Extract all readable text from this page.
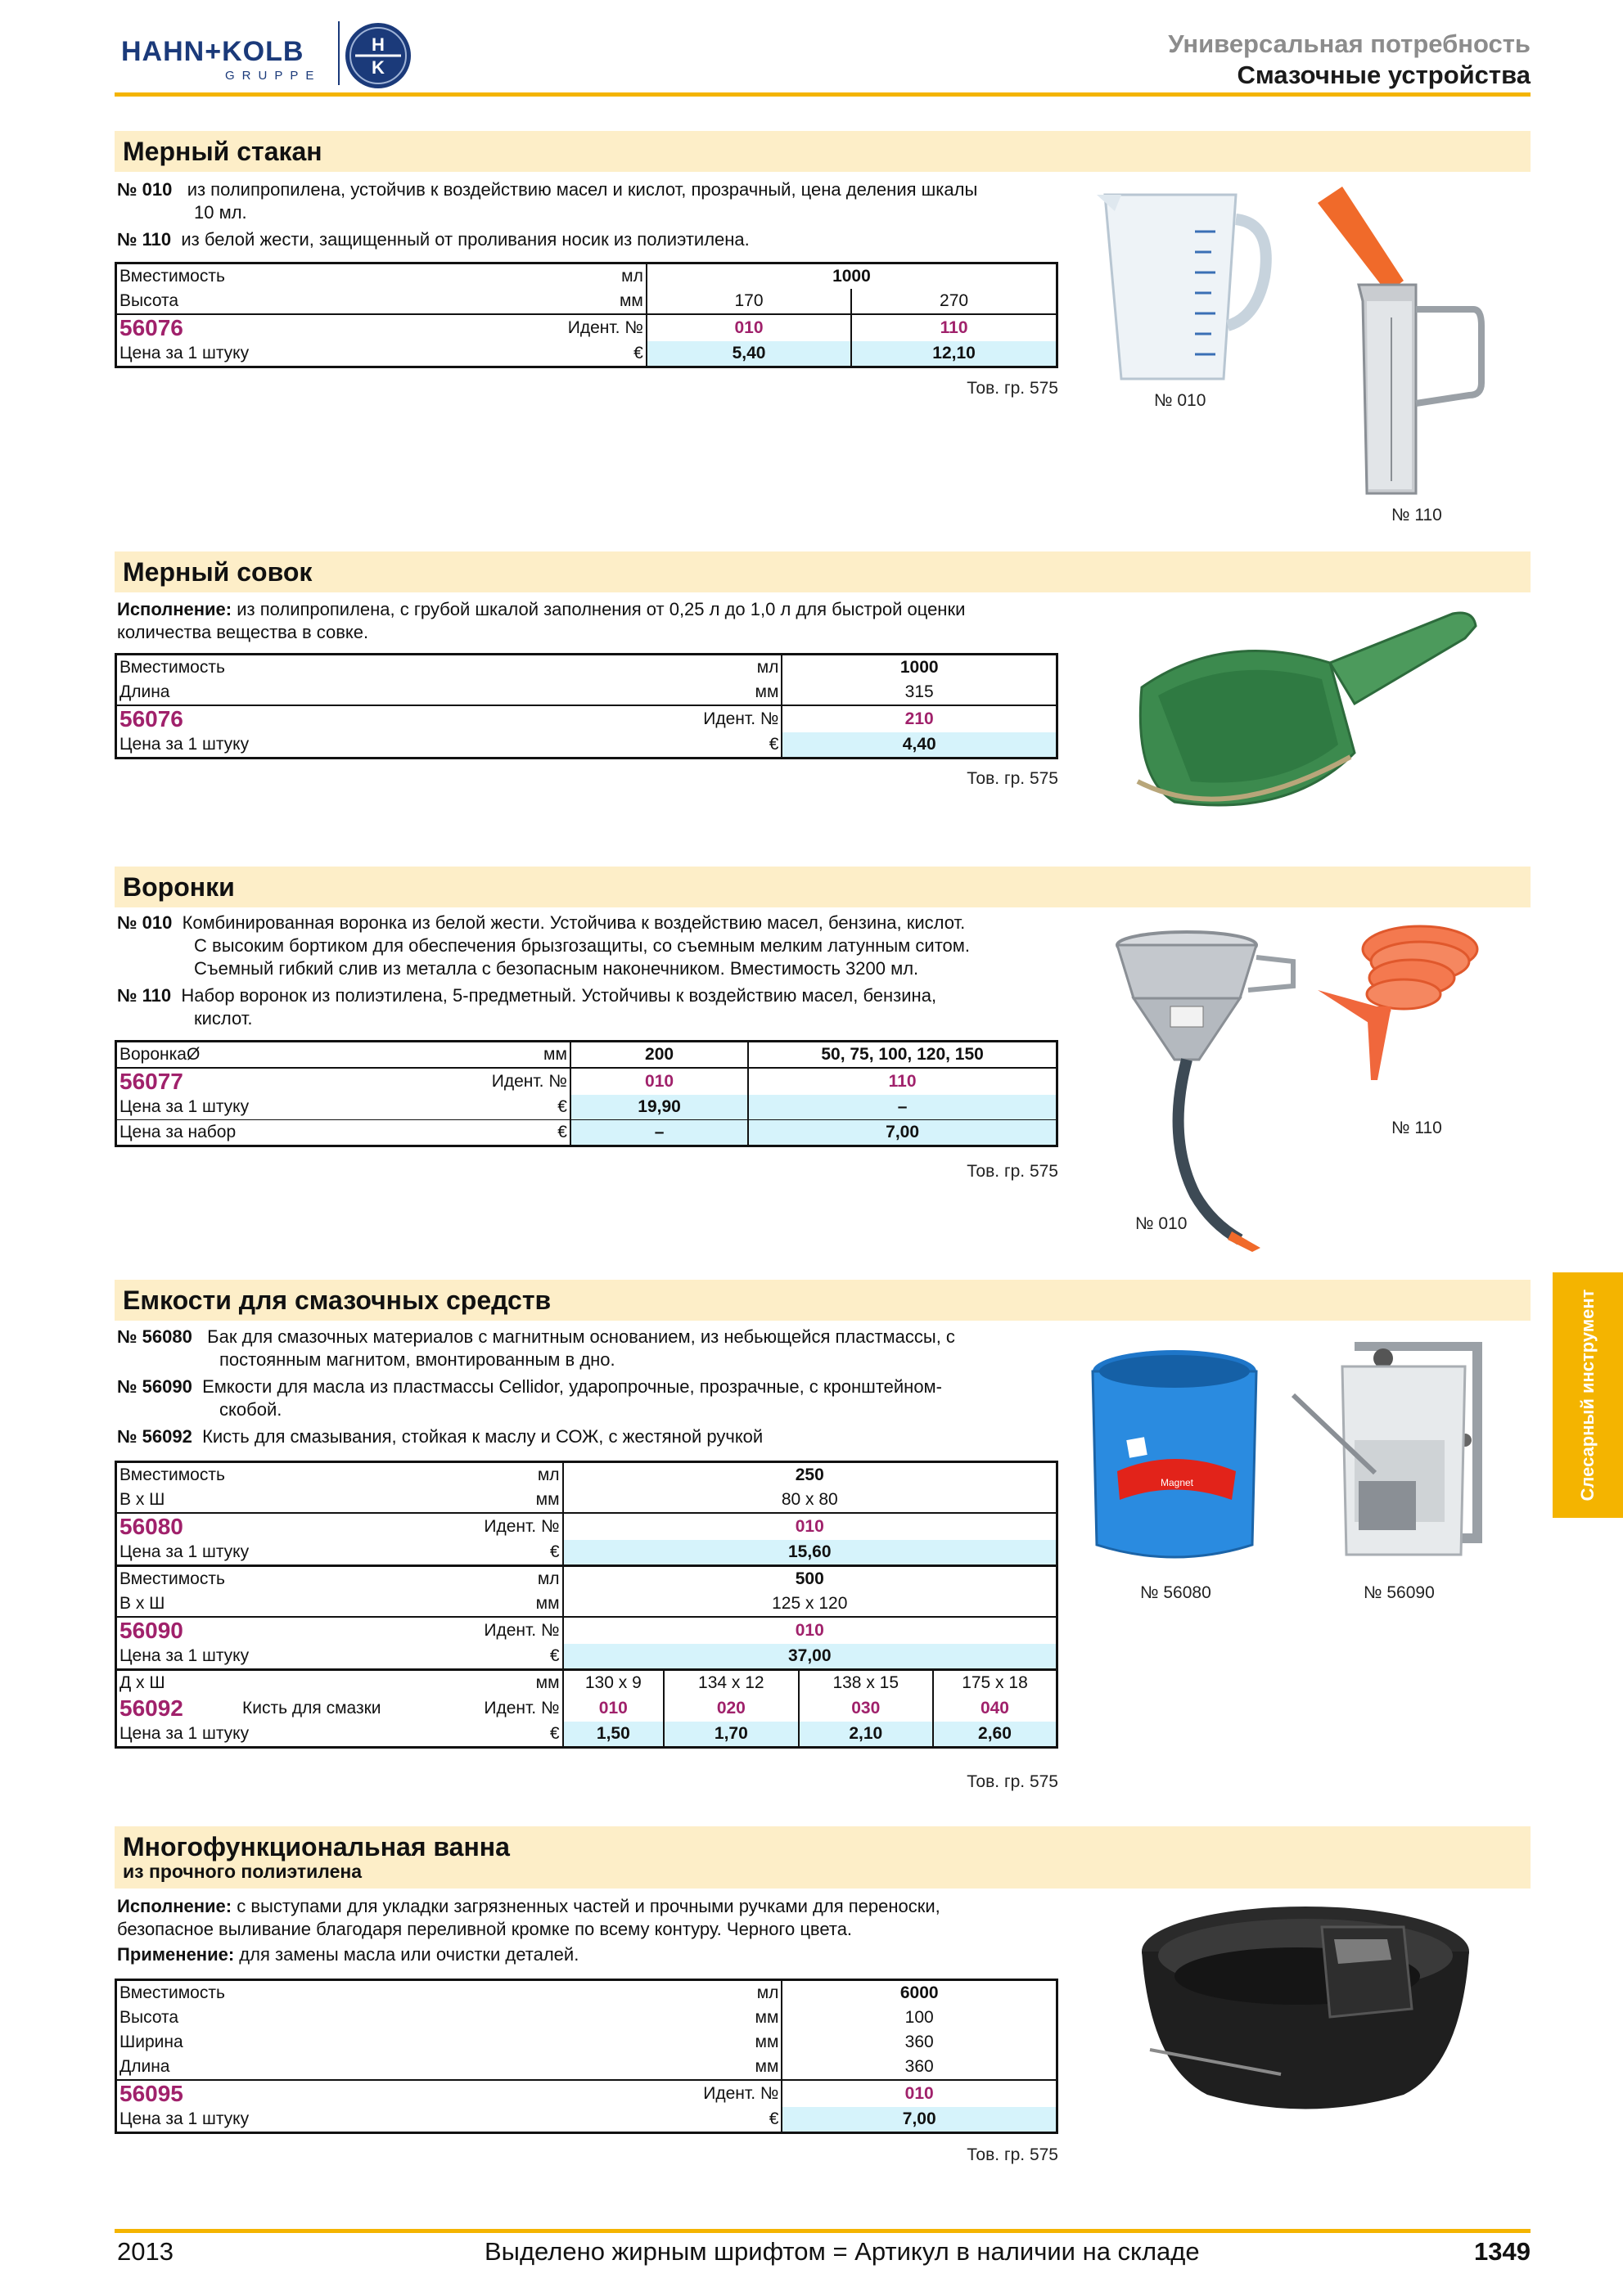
HAHN+KOLB
GRUPPE
H
K
Универсальная потребность
Смазочные устройства
Мерный стакан
№ 010 из полипропилена, устойчив к воздействию масел и кислот, прозрачный, цена деления шкалы
10 мл.
№ 110 из белой жести, защищенный от проливания носик из полиэтилена.
Вместимость мл	1000	

Высота мм	170	270

56076 Идент. №	010	110

Цена за 1 штуку €	5,40	12,10
Тов. гр. 575
№ 010
№ 110
Мерный совок
Исполнение: из полипропилена, с грубой шкалой заполнения от 0,25 л до 1,0 л для быстрой оценки
количества вещества в совке.
Вместимость мл	1000

Длина мм	315

56076 Идент. №	210

Цена за 1 штуку €	4,40
Тов. гр. 575
Воронки
№ 010 Комбинированная воронка из белой жести. Устойчива к воздействию масел, бензина, кислот.
С высоким бортиком для обеспечения брызгозащиты, со съемным мелким латунным ситом.
Съемный гибкий слив из металла с безопасным наконечником. Вместимость 3200 мл.
№ 110 Набор воронок из полиэтилена, 5-предметный. Устойчивы к воздействию масел, бензина,
кислот.
ВоронкаØ мм	200	50, 75, 100, 120, 150

56077 Идент. №	010	110

Цена за 1 штуку €	19,90	–

Цена за набор €	–	7,00
Тов. гр. 575
№ 010
№ 110
Емкости для смазочных средств
№ 56080 Бак для смазочных материалов с магнитным основанием, из небьющейся пластмассы, с
постоянным магнитом, вмонтированным в дно.
№ 56090 Емкости для масла из пластмассы Cellidor, ударопрочные, прозрачные, с кронштейном-
скобой.
№ 56092 Кисть для смазывания, стойкая к маслу и СОЖ, с жестяной ручкой
Вместимость мл	250			

В х Ш мм	80 x 80			

56080 Идент. №	010			

Цена за 1 штуку €	15,60			

Вместимость мл	500			

В х Ш мм	125 x 120			

56090 Идент. №	010			

Цена за 1 штуку €	37,00			

Д х Ш мм	130 x 9	134 x 12	138 x 15	175 x 18

56092 Кисть для смазки Идент. №	010	020	030	040

Цена за 1 штуку €	1,50	1,70	2,10	2,60
Тов. гр. 575
Magnet
№ 56080	№ 56090
Слесарный инструмент
Многофункциональная ванна
из прочного полиэтилена
Исполнение: с выступами для укладки загрязненных частей и прочными ручками для переноски,
безопасное выливание благодаря переливной кромке по всему контуру. Черного цвета.
Применение: для замены масла или очистки деталей.
Вместимость мл	6000

Высота мм	100

Ширина мм	360

Длина мм	360

56095 Идент. №	010

Цена за 1 штуку €	7,00
Тов. гр. 575
2013	Выделено жирным шрифтом = Артикул в наличии на складе	1349
